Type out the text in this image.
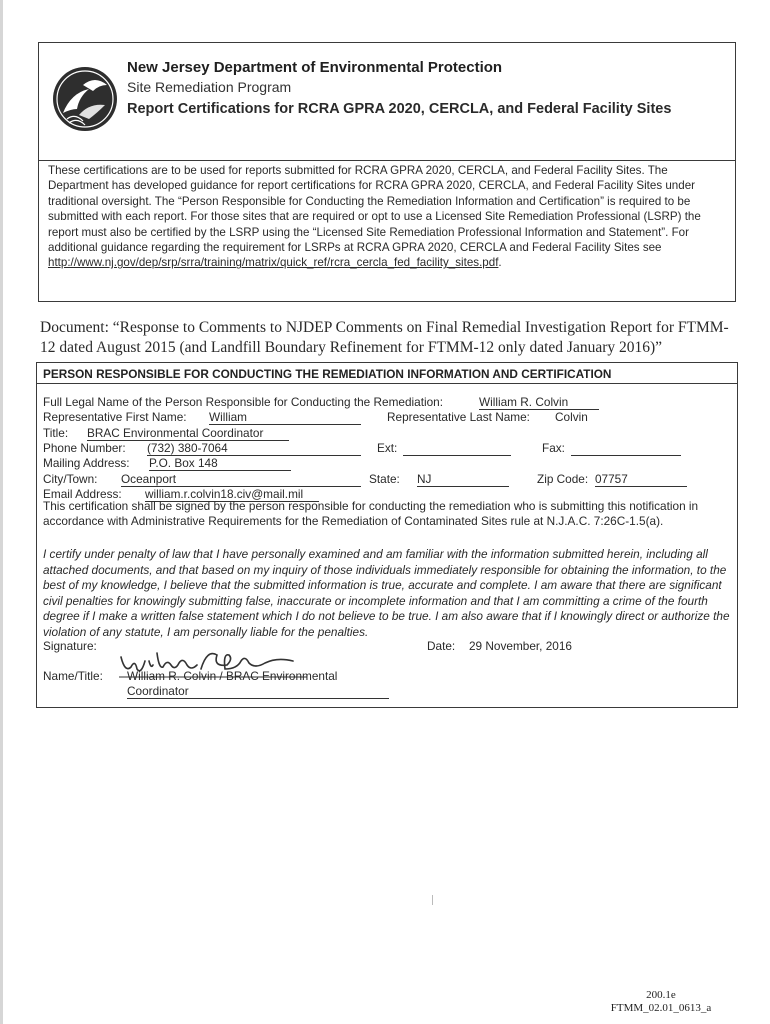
New Jersey Department of Environmental Protection
Site Remediation Program
Report Certifications for RCRA GPRA 2020, CERCLA, and Federal Facility Sites
These certifications are to be used for reports submitted for RCRA GPRA 2020, CERCLA, and Federal Facility Sites. The Department has developed guidance for report certifications for RCRA GPRA 2020, CERCLA, and Federal Facility Sites under traditional oversight. The “Person Responsible for Conducting the Remediation Information and Certification” is required to be submitted with each report. For those sites that are required or opt to use a Licensed Site Remediation Professional (LSRP) the report must also be certified by the LSRP using the “Licensed Site Remediation Professional Information and Statement”. For additional guidance regarding the requirement for LSRPs at RCRA GPRA 2020, CERCLA and Federal Facility Sites see http://www.nj.gov/dep/srp/srra/training/matrix/quick_ref/rcra_cercla_fed_facility_sites.pdf.
Document: “Response to Comments to NJDEP Comments on Final Remedial Investigation Report for FTMM-12 dated August 2015 (and Landfill Boundary Refinement for FTMM-12 only dated January 2016)”
PERSON RESPONSIBLE FOR CONDUCTING THE REMEDIATION INFORMATION AND CERTIFICATION
Full Legal Name of the Person Responsible for Conducting the Remediation:	William R. Colvin
Representative First Name: William	Representative Last Name: Colvin
Title: BRAC Environmental Coordinator
Phone Number: (732) 380-7064	Ext:	Fax:
Mailing Address: P.O. Box 148
City/Town: Oceanport	State: NJ	Zip Code: 07757
Email Address: william.r.colvin18.civ@mail.mil
This certification shall be signed by the person responsible for conducting the remediation who is submitting this notification in accordance with Administrative Requirements for the Remediation of Contaminated Sites rule at N.J.A.C. 7:26C-1.5(a).
I certify under penalty of law that I have personally examined and am familiar with the information submitted herein, including all attached documents, and that based on my inquiry of those individuals immediately responsible for obtaining the information, to the best of my knowledge, I believe that the submitted information is true, accurate and complete. I am aware that there are significant civil penalties for knowingly submitting false, inaccurate or incomplete information and that I am committing a crime of the fourth degree if I make a written false statement which I do not believe to be true. I am also aware that if I knowingly direct or authorize the violation of any statute, I am personally liable for the penalties.
Signature:	Date: 29 November, 2016
Name/Title: William R. Colvin / BRAC Environmental
Coordinator
200.1e
FTMM_02.01_0613_a
